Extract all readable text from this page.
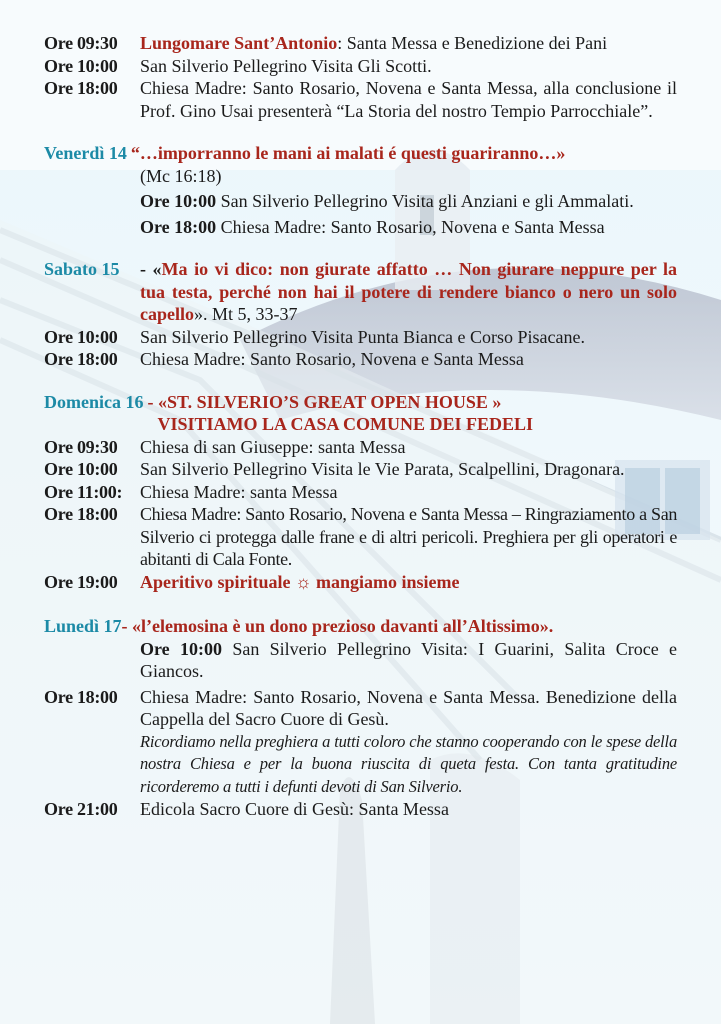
Ore 09:30	Lungomare Sant’Antonio: Santa Messa e Benedizione dei Pani
Ore 10:00	San Silverio Pellegrino Visita Gli Scotti.
Ore 18:00	Chiesa Madre: Santo Rosario, Novena e Santa Messa, alla conclusione il Prof. Gino Usai presenterà “La Storia del nostro Tempio Parrocchiale”.
Venerdì 14 “…imporranno le mani ai malati é questi guariranno…»
(Mc 16:18)
Ore 10:00 San Silverio Pellegrino Visita gli Anziani e gli Ammalati.
Ore 18:00 Chiesa Madre: Santo Rosario, Novena e Santa Messa
Sabato 15	- «Ma io vi dico: non giurate affatto … Non giurare neppure per la tua testa, perché non hai il potere di rendere bianco o nero un solo capello». Mt 5, 33-37
Ore 10:00	San Silverio Pellegrino Visita Punta Bianca e Corso Pisacane.
Ore 18:00	Chiesa Madre: Santo Rosario, Novena e Santa Messa
Domenica 16 - «ST. SILVERIO’S GREAT OPEN HOUSE »
VISITIAMO LA CASA COMUNE DEI FEDELI
Ore 09:30	Chiesa di san Giuseppe: santa Messa
Ore 10:00	San Silverio Pellegrino Visita le Vie Parata, Scalpellini, Dragonara.
Ore 11:00: Chiesa Madre: santa Messa
Ore 18:00	Chiesa Madre: Santo Rosario, Novena e Santa Messa – Ringraziamento a San Silverio ci protegga dalle frane e di altri pericoli. Preghiera per gli operatori e abitanti di Cala Fonte.
Ore 19:00	Aperitivo spirituale ☼ mangiamo insieme
Lunedì 17 - «l’elemosina è un dono prezioso davanti all’Altissimo».
Ore 10:00 San Silverio Pellegrino Visita: I Guarini, Salita Croce e Giancos.
Ore 18:00	Chiesa Madre: Santo Rosario, Novena e Santa Messa. Benedizione della Cappella del Sacro Cuore di Gesù.
Ricordiamo nella preghiera a tutti coloro che stanno cooperando con le spese della nostra Chiesa e per la buona riuscita di queta festa. Con tanta gratitudine ricorderemo a tutti i defunti devoti di San Silverio.
Ore 21:00	Edicola Sacro Cuore di Gesù: Santa Messa
